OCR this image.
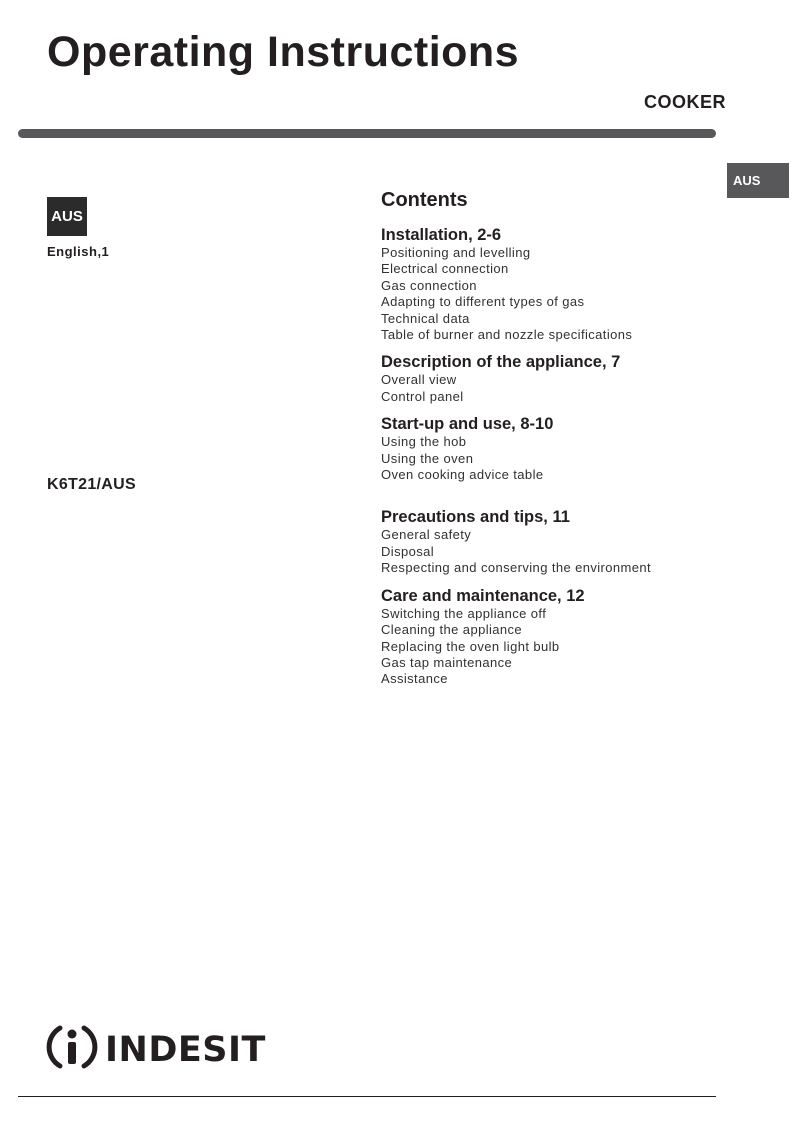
Operating Instructions
COOKER
AUS
AUS
English,1
K6T21/AUS
Contents
Installation, 2-6
Positioning and levelling
Electrical connection
Gas connection
Adapting to different types of gas
Technical data
Table of burner and nozzle specifications
Description of the appliance, 7
Overall view
Control panel
Start-up and use, 8-10
Using the hob
Using the oven
Oven cooking advice table
Precautions and tips, 11
General safety
Disposal
Respecting and conserving the environment
Care and maintenance, 12
Switching the appliance off
Cleaning the appliance
Replacing the oven light bulb
Gas tap maintenance
Assistance
INDESIT
